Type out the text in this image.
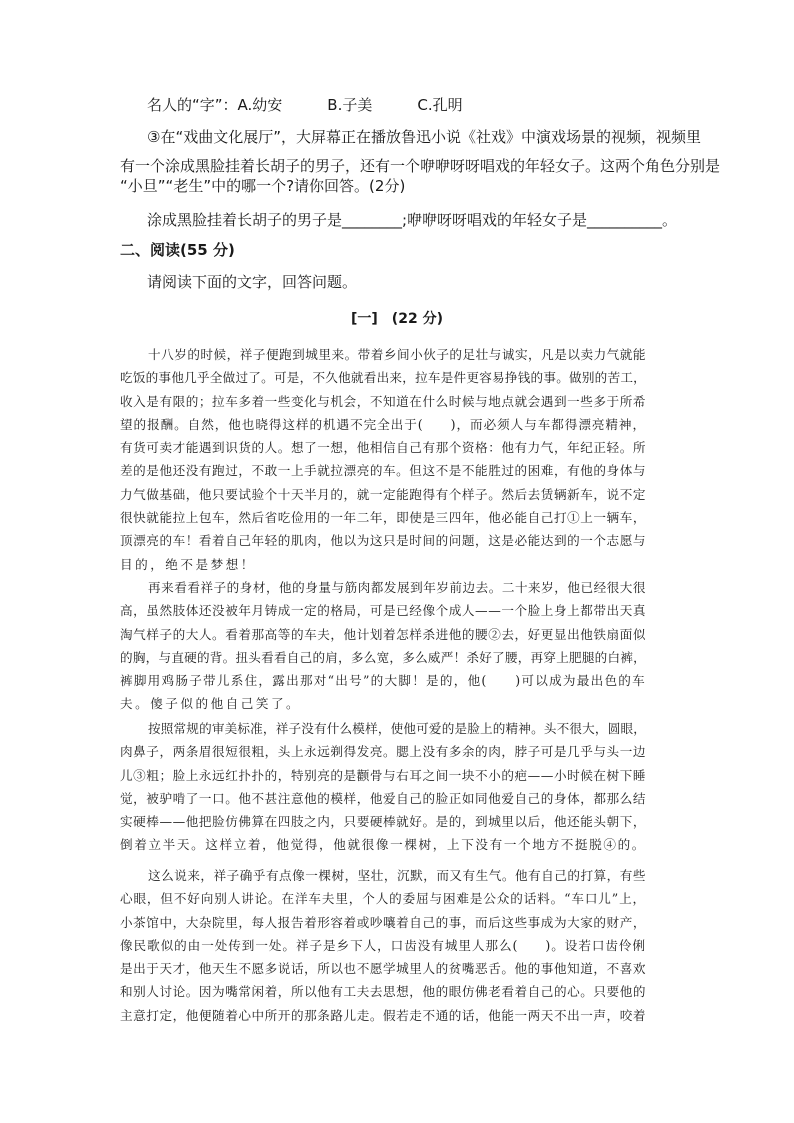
名人的“字”：A.幼安　　　B.子美　　　C.孔明
③在“戏曲文化展厅”，大屏幕正在播放鲁迅小说《社戏》中演戏场景的视频，视频里
有一个涂成黑脸挂着长胡子的男子，还有一个咿咿呀呀唱戏的年轻女子。这两个角色分别是
“小旦”“老生”中的哪一个?请你回答。(2分)
涂成黑脸挂着长胡子的男子是________;咿咿呀呀唱戏的年轻女子是__________。
二、阅读(55 分)
请阅读下面的文字，回答问题。
[一]　(22 分)
十八岁的时候，祥子便跑到城里来。带着乡间小伙子的足壮与诚实，凡是以卖力气就能
吃饭的事他几乎全做过了。可是，不久他就看出来，拉车是件更容易挣钱的事。做别的苦工，
收入是有限的；拉车多着一些变化与机会，不知道在什么时候与地点就会遇到一些多于所希
望的报酬。自然，他也晓得这样的机遇不完全出于(　　)，而必须人与车都得漂亮精神，
有货可卖才能遇到识货的人。想了一想，他相信自己有那个资格：他有力气，年纪正轻。所
差的是他还没有跑过，不敢一上手就拉漂亮的车。但这不是不能胜过的困难，有他的身体与
力气做基础，他只要试验个十天半月的，就一定能跑得有个样子。然后去赁辆新车，说不定
很快就能拉上包车，然后省吃俭用的一年二年，即使是三四年，他必能自己打①上一辆车，
顶漂亮的车！看着自己年轻的肌肉，他以为这只是时间的问题，这是必能达到的一个志愿与
目的，绝不是梦想！
再来看看祥子的身材，他的身量与筋肉都发展到年岁前边去。二十来岁，他已经很大很
高，虽然肢体还没被年月铸成一定的格局，可是已经像个成人——一个脸上身上都带出天真
淘气样子的大人。看着那高等的车夫，他计划着怎样杀进他的腰②去，好更显出他铁扇面似
的胸，与直硬的背。扭头看看自己的肩，多么宽，多么威严！杀好了腰，再穿上肥腿的白裤，
裤脚用鸡肠子带儿系住，露出那对“出号”的大脚！是的，他(　　)可以成为最出色的车
夫。傻子似的他自己笑了。
按照常规的审美标准，祥子没有什么模样，使他可爱的是脸上的精神。头不很大，圆眼，
肉鼻子，两条眉很短很粗，头上永远剃得发亮。腮上没有多余的肉，脖子可是几乎与头一边
儿③粗；脸上永远红扑扑的，特别亮的是颧骨与右耳之间一块不小的疤——小时候在树下睡
觉，被驴啃了一口。他不甚注意他的模样，他爱自己的脸正如同他爱自己的身体，都那么结
实硬棒——他把脸仿佛算在四肢之内，只要硬棒就好。是的，到城里以后，他还能头朝下，
倒着立半天。这样立着，他觉得，他就很像一棵树，上下没有一个地方不挺脱④的。
这么说来，祥子确乎有点像一棵树，坚壮，沉默，而又有生气。他有自己的打算，有些
心眼，但不好向别人讲论。在洋车夫里，个人的委屈与困难是公众的话料。“车口儿”上，
小茶馆中，大杂院里，每人报告着形容着或吵嚷着自己的事，而后这些事成为大家的财产，
像民歌似的由一处传到一处。祥子是乡下人，口齿没有城里人那么(　　)。设若口齿伶俐
是出于天才，他天生不愿多说话，所以也不愿学城里人的贫嘴恶舌。他的事他知道，不喜欢
和别人讨论。因为嘴常闲着，所以他有工夫去思想，他的眼仿佛老看着自己的心。只要他的
主意打定，他便随着心中所开的那条路儿走。假若走不通的话，他能一两天不出一声，咬着
